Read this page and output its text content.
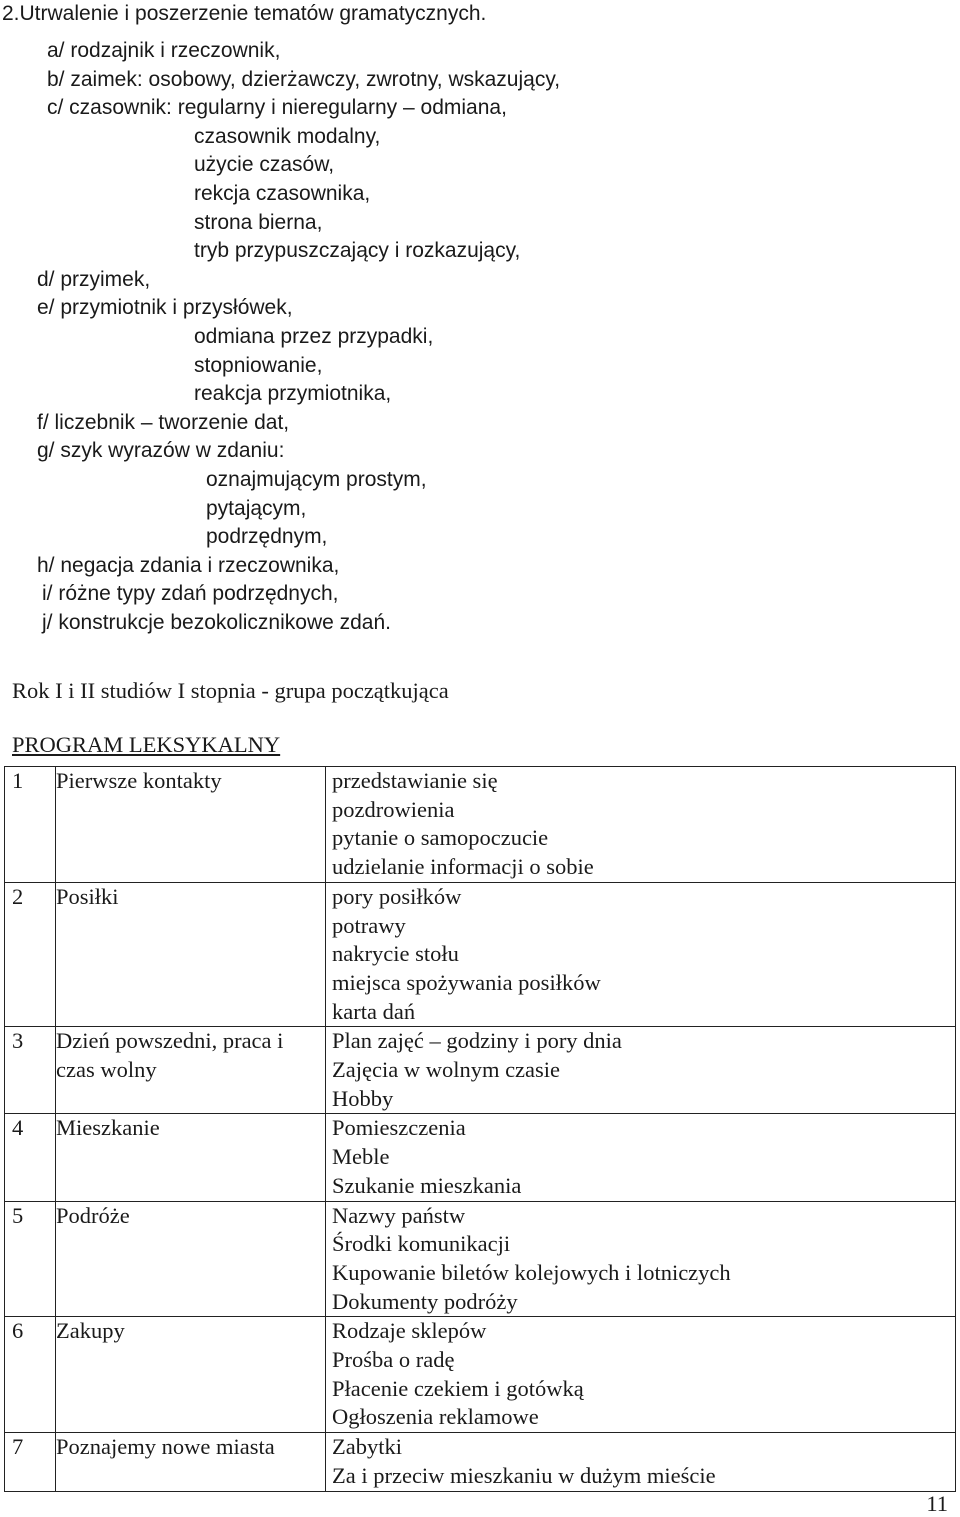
2.Utrwalenie i poszerzenie tematów gramatycznych.
a/ rodzajnik i rzeczownik,
b/ zaimek: osobowy, dzierżawczy, zwrotny, wskazujący,
c/ czasownik: regularny i nieregularny – odmiana,
czasownik modalny,
użycie czasów,
rekcja czasownika,
strona bierna,
tryb przypuszczający i rozkazujący,
d/ przyimek,
e/ przymiotnik i przysłówek,
odmiana przez przypadki,
stopniowanie,
reakcja przymiotnika,
f/ liczebnik – tworzenie dat,
g/ szyk wyrazów w zdaniu:
oznajmującym prostym,
pytającym,
podrzędnym,
h/ negacja zdania i rzeczownika,
i/ różne typy zdań podrzędnych,
j/ konstrukcje bezokolicznikowe zdań.
Rok I i II studiów I stopnia - grupa początkująca
PROGRAM LEKSYKALNY
1	Pierwsze kontakty	przedstawianie się
pozdrowienia
pytanie o samopoczucie
udzielanie informacji o sobie

2	Posiłki	pory posiłków
potrawy
nakrycie stołu
miejsca spożywania posiłków
karta dań

3	Dzień powszedni, praca i czas wolny	Plan zajęć – godziny i pory dnia
Zajęcia w wolnym czasie
Hobby

4	Mieszkanie	Pomieszczenia
Meble
Szukanie mieszkania

5	Podróże	Nazwy państw
Środki komunikacji
Kupowanie biletów kolejowych i lotniczych
Dokumenty podróży

6	Zakupy	Rodzaje sklepów
Prośba o radę
Płacenie czekiem i gotówką
Ogłoszenia reklamowe

7	Poznajemy nowe miasta	Zabytki
Za i przeciw mieszkaniu w dużym mieście
11
